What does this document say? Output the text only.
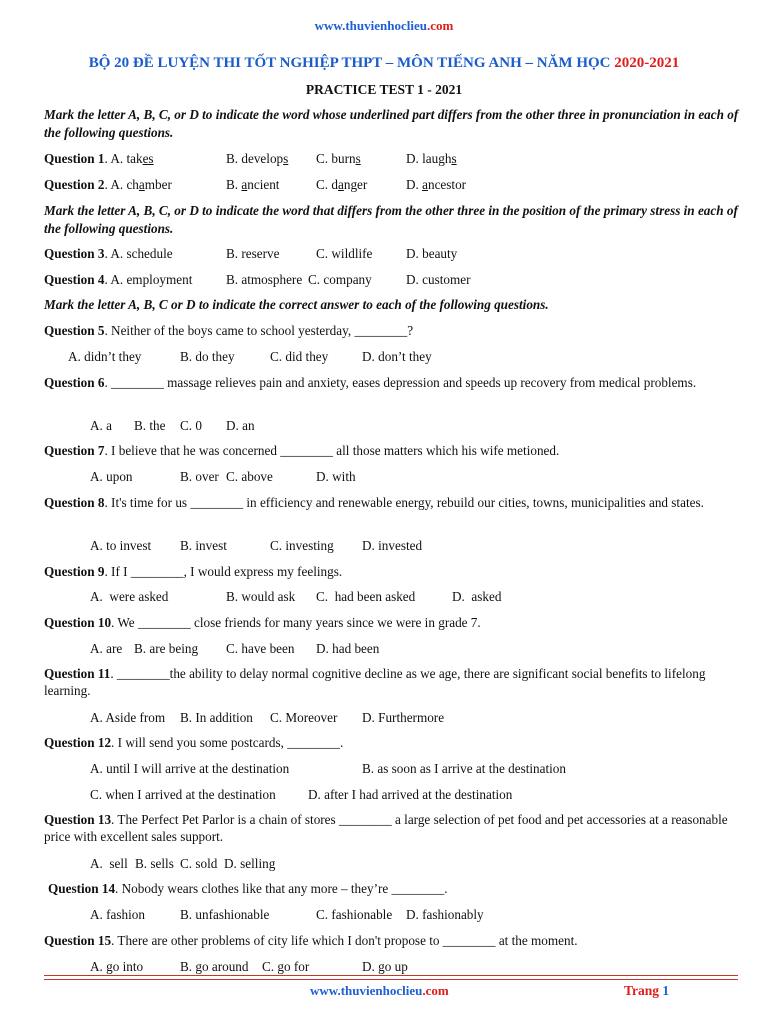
www.thuvienhoclieu.com
BỘ 20 ĐỀ LUYỆN THI TỐT NGHIỆP THPT – MÔN TIẾNG ANH – NĂM HỌC 2020-2021
PRACTICE TEST 1 - 2021
Mark the letter A, B, C, or D to indicate the word whose underlined part differs from the other three in pronunciation in each of the following questions.
Question 1. A. takes	B. develops C. burns	D. laughs
Question 2. A. chamber	B. ancient	C. danger	D. ancestor
Mark the letter A, B, C, or D to indicate the word that differs from the other three in the position of the primary stress in each of the following questions.
Question 3. A. schedule	B. reserve	C. wildlife	D. beauty
Question 4. A. employment	B. atmosphere C. company	D. customer
Mark the letter A, B, C or D to indicate the correct answer to each of the following questions.
Question 5. Neither of the boys came to school yesterday, ________?
A. didn’t they	B. do they	C. did they	D. don’t they
Question 6. ________ massage relieves pain and anxiety, eases depression and speeds up recovery from medical problems.
A. a B. the C. 0 D. an
Question 7. I believe that he was concerned ________ all those matters which his wife metioned.
A. upon	B. over C. above	D. with
Question 8. It's time for us ________ in efficiency and renewable energy, rebuild our cities, towns, municipalities and states.
A. to invest B. invest	C. investing D. invested
Question 9. If I ________, I would express my feelings.
A.  were asked	B. would ask C.  had been asked	D.  asked
Question 10. We ________ close friends for many years since we were in grade 7.
A. are B. are being C. have been D. had been
Question 11. ________the ability to delay normal cognitive decline as we age, there are significant social benefits to lifelong learning.
A. Aside from B. In addition C. Moreover D. Furthermore
Question 12. I will send you some postcards, ________.
A. until I will arrive at the destination	B. as soon as I arrive at the destination
C. when I arrived at the destination D. after I had arrived at the destination
Question 13. The Perfect Pet Parlor is a chain of stores ________ a large selection of pet food and pet accessories at a reasonable price with excellent sales support.
A.  sell B. sells C. sold D. selling
Question 14. Nobody wears clothes like that any more – they’re ________.
A. fashion	B. unfashionable	C. fashionable D. fashionably
Question 15. There are other problems of city life which I don't propose to ________ at the moment.
A. go into	B. go around C. go for	D. go up
www.thuvienhoclieu.com	Trang 1
